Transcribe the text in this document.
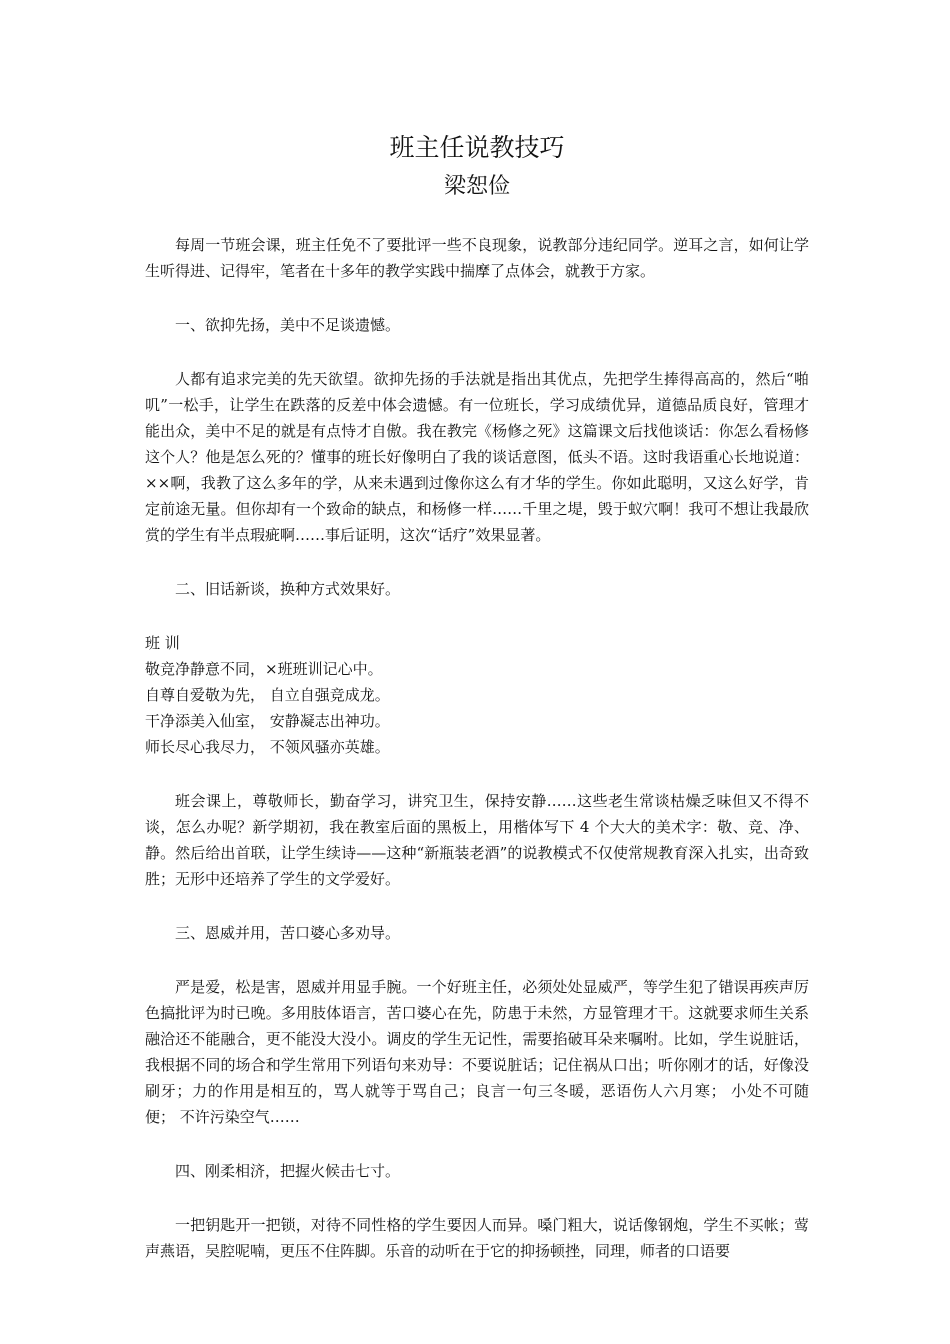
班主任说教技巧
梁恕俭

每周一节班会课，班主任免不了要批评一些不良现象，说教部分违纪同学。逆耳之言，如何让学生听得进、记得牢，笔者在十多年的教学实践中揣摩了点体会，就教于方家。

一、欲抑先扬，美中不足谈遗憾。

人都有追求完美的先天欲望。欲抑先扬的手法就是指出其优点，先把学生捧得高高的，然后“啪叽”一松手，让学生在跌落的反差中体会遗憾。有一位班长，学习成绩优异，道德品质良好，管理才能出众，美中不足的就是有点恃才自傲。我在教完《杨修之死》这篇课文后找他谈话：你怎么看杨修这个人？他是怎么死的？懂事的班长好像明白了我的谈话意图，低头不语。这时我语重心长地说道：××啊，我教了这么多年的学，从来未遇到过像你这么有才华的学生。你如此聪明，又这么好学，肯定前途无量。但你却有一个致命的缺点，和杨修一样……千里之堤，毁于蚁穴啊！我可不想让我最欣赏的学生有半点瑕疵啊……事后证明，这次“话疗”效果显著。

二、旧话新谈，换种方式效果好。

班 训

敬竞净静意不同，×班班训记心中。

自尊自爱敬为先， 自立自强竞成龙。

干净添美入仙室， 安静凝志出神功。

师长尽心我尽力， 不领风骚亦英雄。

班会课上，尊敬师长，勤奋学习，讲究卫生，保持安静……这些老生常谈枯燥乏味但又不得不谈，怎么办呢？新学期初，我在教室后面的黑板上，用楷体写下 4 个大大的美术字：敬、竞、净、静。然后给出首联，让学生续诗——这种“新瓶装老酒”的说教模式不仅使常规教育深入扎实，出奇致胜；无形中还培养了学生的文学爱好。

三、恩威并用，苦口婆心多劝导。

严是爱，松是害，恩威并用显手腕。一个好班主任，必须处处显威严，等学生犯了错误再疾声厉色搞批评为时已晚。多用肢体语言，苦口婆心在先，防患于未然，方显管理才干。这就要求师生关系融洽还不能融合，更不能没大没小。调皮的学生无记性，需要掐破耳朵来嘱咐。比如，学生说脏话，我根据不同的场合和学生常用下列语句来劝导：不要说脏话；记住祸从口出；听你刚才的话，好像没刷牙；力的作用是相互的，骂人就等于骂自己；良言一句三冬暖，恶语伤人六月寒； 小处不可随便； 不许污染空气……

四、刚柔相济，把握火候击七寸。

一把钥匙开一把锁，对待不同性格的学生要因人而异。嗓门粗大，说话像钢炮，学生不买帐；莺声燕语，吴腔呢喃，更压不住阵脚。乐音的动听在于它的抑扬顿挫，同理，师者的口语要
